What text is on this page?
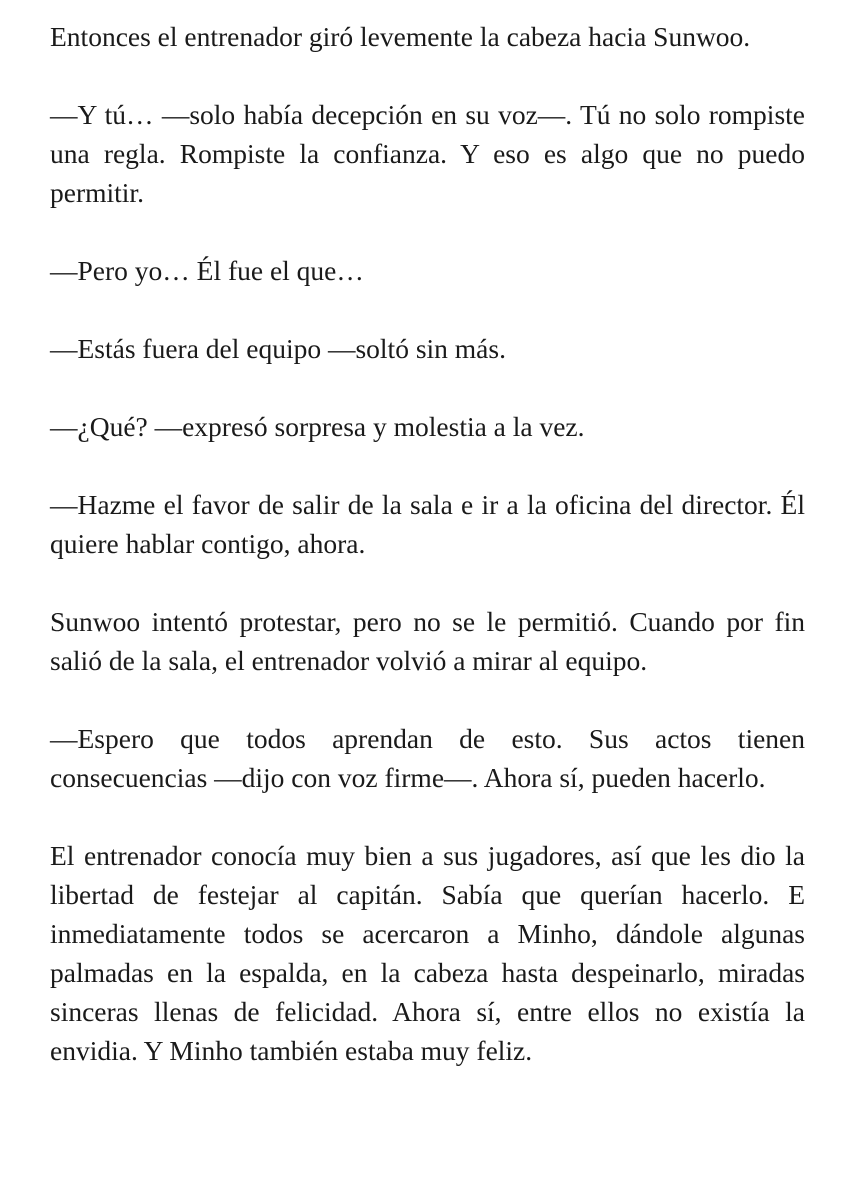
Entonces el entrenador giró levemente la cabeza hacia Sunwoo.

—Y tú… —solo había decepción en su voz—. Tú no solo rompiste una regla. Rompiste la confianza. Y eso es algo que no puedo permitir.

—Pero yo… Él fue el que…

—Estás fuera del equipo —soltó sin más.

—¿Qué? —expresó sorpresa y molestia a la vez.

—Hazme el favor de salir de la sala e ir a la oficina del director. Él quiere hablar contigo, ahora.

Sunwoo intentó protestar, pero no se le permitió. Cuando por fin salió de la sala, el entrenador volvió a mirar al equipo.

—Espero que todos aprendan de esto. Sus actos tienen consecuencias —dijo con voz firme—. Ahora sí, pueden hacerlo.

El entrenador conocía muy bien a sus jugadores, así que les dio la libertad de festejar al capitán. Sabía que querían hacerlo. E inmediatamente todos se acercaron a Minho, dándole algunas palmadas en la espalda, en la cabeza hasta despeinarlo, miradas sinceras llenas de felicidad. Ahora sí, entre ellos no existía la envidia. Y Minho también estaba muy feliz.
